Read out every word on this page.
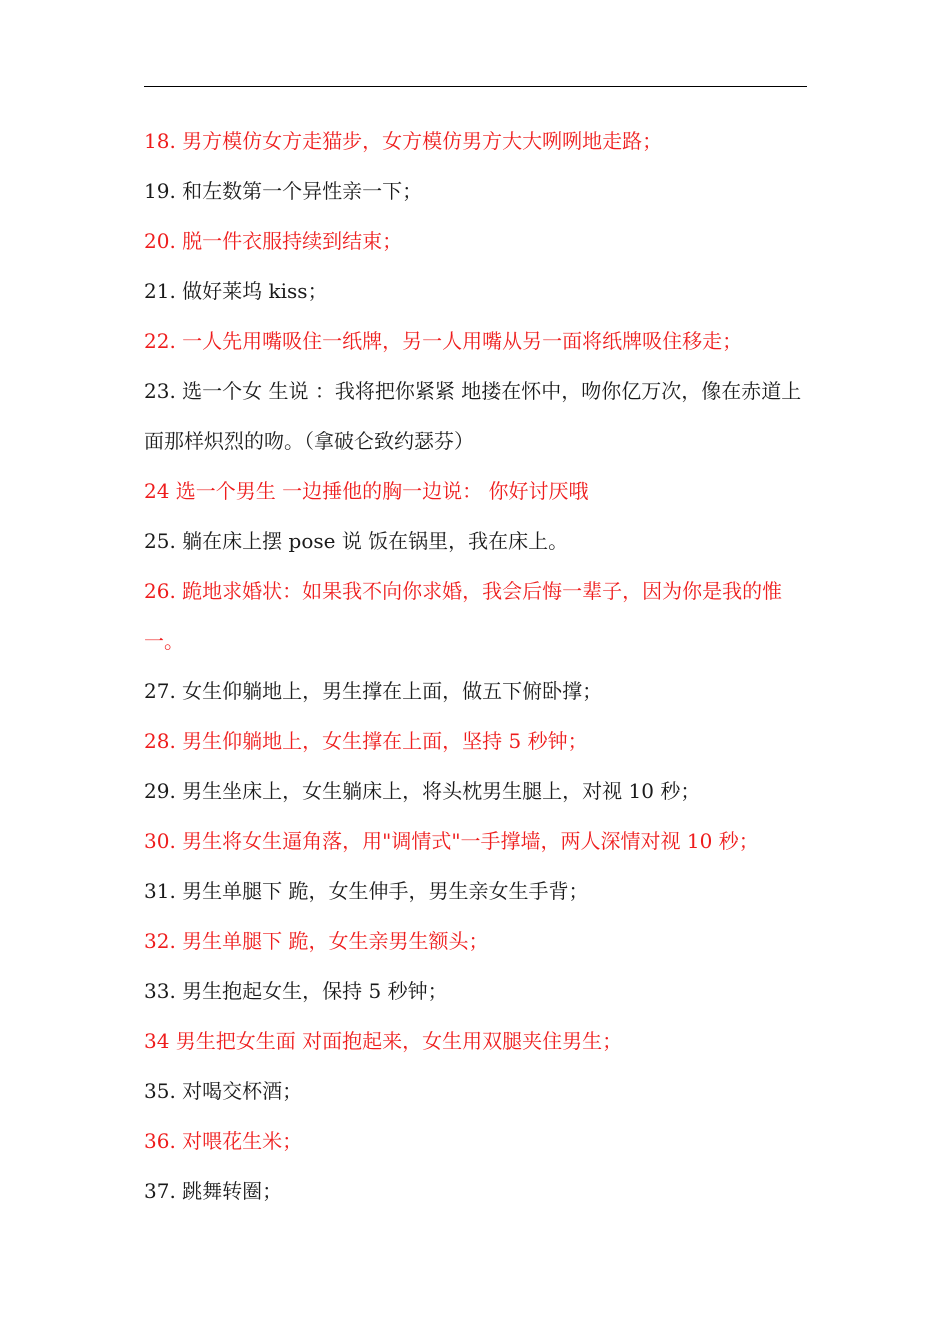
18. 男方模仿女方走猫步，女方模仿男方大大咧咧地走路；

19. 和左数第一个异性亲一下；

20. 脱一件衣服持续到结束；

21. 做好莱坞 kiss；

22. 一人先用嘴吸住一纸牌，另一人用嘴从另一面将纸牌吸住移走；

23. 选一个女 生说 ：我将把你紧紧 地搂在怀中，吻你亿万次，像在赤道上面那样炽烈的吻。（拿破仑致约瑟芬）

24 选一个男生 一边捶他的胸一边说： 你好讨厌哦

25. 躺在床上摆 pose 说 饭在锅里，我在床上。

26. 跪地求婚状：如果我不向你求婚，我会后悔一辈子，因为你是我的惟一。

27. 女生仰躺地上，男生撑在上面，做五下俯卧撑；

28. 男生仰躺地上，女生撑在上面，坚持 5 秒钟；

29. 男生坐床上，女生躺床上，将头枕男生腿上，对视 10 秒；

30. 男生将女生逼角落，用"调情式"一手撑墙，两人深情对视 10 秒；

31. 男生单腿下 跪，女生伸手，男生亲女生手背；

32. 男生单腿下 跪，女生亲男生额头；

33. 男生抱起女生，保持 5 秒钟；

34 男生把女生面 对面抱起来，女生用双腿夹住男生；

35. 对喝交杯酒；

36. 对喂花生米；

37. 跳舞转圈；
